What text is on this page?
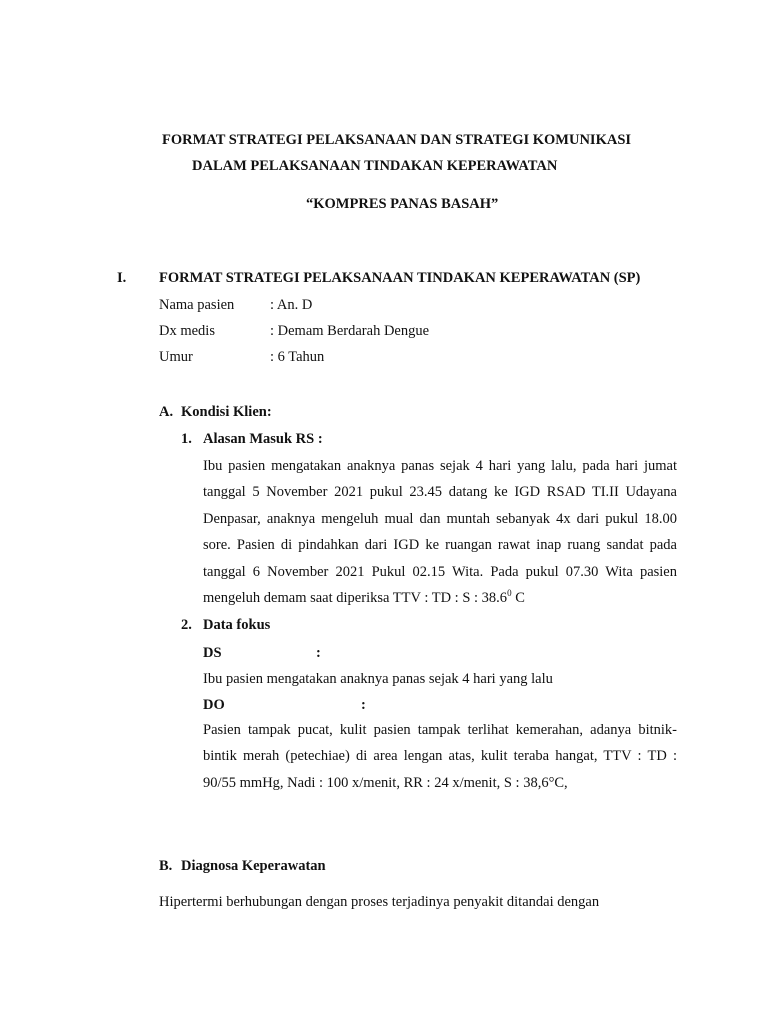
FORMAT STRATEGI PELAKSANAAN DAN STRATEGI KOMUNIKASI
DALAM PELAKSANAAN TINDAKAN KEPERAWATAN
“KOMPRES PANAS BASAH”
I. FORMAT STRATEGI PELAKSANAAN TINDAKAN KEPERAWATAN (SP)
Nama pasien : An. D
Dx medis	: Demam Berdarah Dengue
Umur	: 6 Tahun
A. Kondisi Klien:
1. Alasan Masuk RS :
Ibu pasien mengatakan anaknya panas sejak 4 hari yang lalu, pada hari jumat
tanggal 5 November 2021 pukul 23.45 datang ke IGD RSAD TI.II Udayana
Denpasar, anaknya mengeluh mual dan muntah sebanyak 4x dari pukul 18.00
sore. Pasien di pindahkan dari IGD ke ruangan rawat inap ruang sandat pada
tanggal 6 November 2021 Pukul 02.15 Wita. Pada pukul 07.30 Wita pasien
mengeluh demam saat diperiksa TTV : TD : S : 38.6$^0$ C
2. Data fokus
DS	:
Ibu pasien mengatakan anaknya panas sejak 4 hari yang lalu
DO	:
Pasien tampak pucat, kulit pasien tampak terlihat kemerahan, adanya bitnik-
bintik merah (petechiae) di area lengan atas, kulit teraba hangat, TTV : TD :
90/55 mmHg, Nadi : 100 x/menit, RR : 24 x/menit, S : 38,6°C,
B. Diagnosa Keperawatan
Hipertermi berhubungan dengan proses terjadinya penyakit ditandai dengan
